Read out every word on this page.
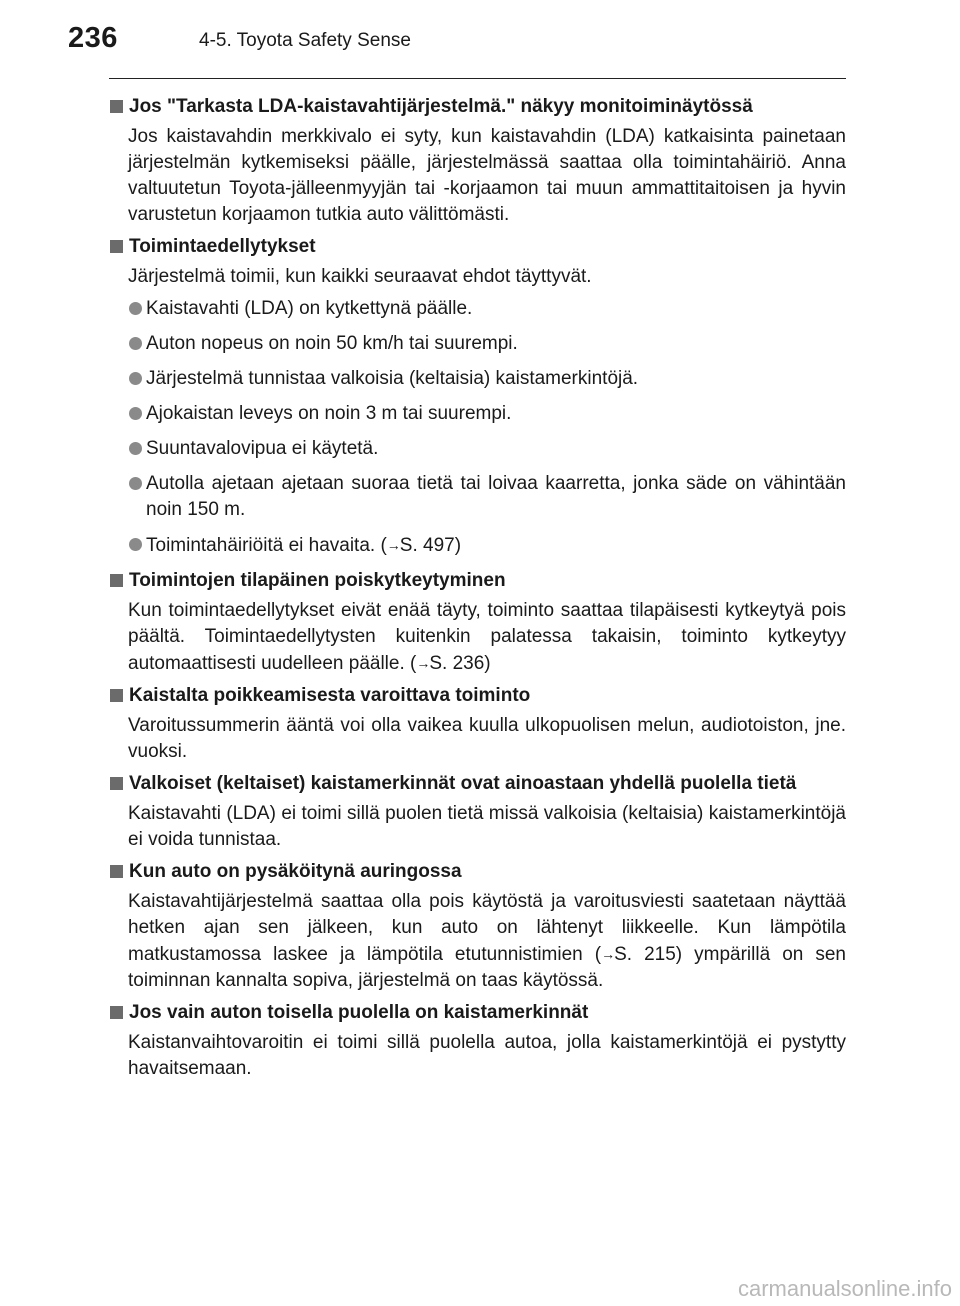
236	4-5. Toyota Safety Sense
Jos "Tarkasta LDA-kaistavahtijärjestelmä." näkyy monitoiminäytössä
Jos kaistavahdin merkkivalo ei syty, kun kaistavahdin (LDA) katkaisinta painetaan järjestelmän kytkemiseksi päälle, järjestelmässä saattaa olla toimintahäiriö. Anna valtuutetun Toyota-jälleenmyyjän tai -korjaamon tai muun ammattitaitoisen ja hyvin varustetun korjaamon tutkia auto välittömästi.
Toimintaedellytykset
Järjestelmä toimii, kun kaikki seuraavat ehdot täyttyvät.
Kaistavahti (LDA) on kytkettynä päälle.
Auton nopeus on noin 50 km/h tai suurempi.
Järjestelmä tunnistaa valkoisia (keltaisia) kaistamerkintöjä.
Ajokaistan leveys on noin 3 m tai suurempi.
Suuntavalovipua ei käytetä.
Autolla ajetaan ajetaan suoraa tietä tai loivaa kaarretta, jonka säde on vähintään noin 150 m.
Toimintahäiriöitä ei havaita. (→S. 497)
Toimintojen tilapäinen poiskytkeytyminen
Kun toimintaedellytykset eivät enää täyty, toiminto saattaa tilapäisesti kytkeytyä pois päältä. Toimintaedellytysten kuitenkin palatessa takaisin, toiminto kytkeytyy automaattisesti uudelleen päälle. (→S. 236)
Kaistalta poikkeamisesta varoittava toiminto
Varoitussummerin ääntä voi olla vaikea kuulla ulkopuolisen melun, audiotoiston, jne. vuoksi.
Valkoiset (keltaiset) kaistamerkinnät ovat ainoastaan yhdellä puolella tietä
Kaistavahti (LDA) ei toimi sillä puolen tietä missä valkoisia (keltaisia) kaistamerkintöjä ei voida tunnistaa.
Kun auto on pysäköitynä auringossa
Kaistavahtijärjestelmä saattaa olla pois käytöstä ja varoitusviesti saatetaan näyttää hetken ajan sen jälkeen, kun auto on lähtenyt liikkeelle. Kun lämpötila matkustamossa laskee ja lämpötila etutunnistimien (→S. 215) ympärillä on sen toiminnan kannalta sopiva, järjestelmä on taas käytössä.
Jos vain auton toisella puolella on kaistamerkinnät
Kaistanvaihtovaroitin ei toimi sillä puolella autoa, jolla kaistamerkintöjä ei pystytty havaitsemaan.
carmanualsonline.info
